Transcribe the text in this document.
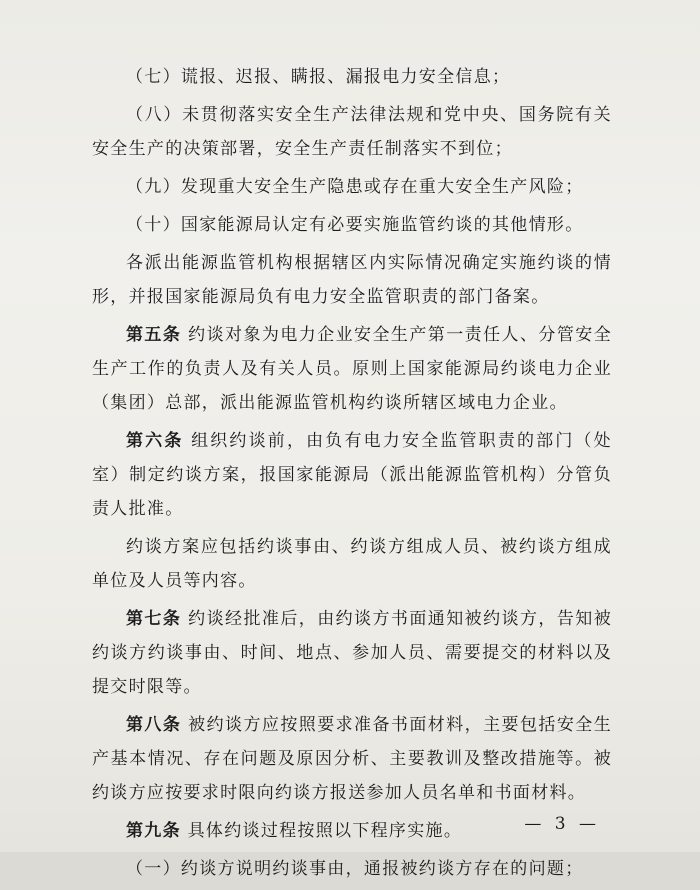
（七）谎报、迟报、瞒报、漏报电力安全信息；

（八）未贯彻落实安全生产法律法规和党中央、国务院有关安全生产的决策部署，安全生产责任制落实不到位；

（九）发现重大安全生产隐患或存在重大安全生产风险；

（十）国家能源局认定有必要实施监管约谈的其他情形。

各派出能源监管机构根据辖区内实际情况确定实施约谈的情形，并报国家能源局负有电力安全监管职责的部门备案。

第五条 约谈对象为电力企业安全生产第一责任人、分管安全生产工作的负责人及有关人员。原则上国家能源局约谈电力企业（集团）总部，派出能源监管机构约谈所辖区域电力企业。

第六条 组织约谈前，由负有电力安全监管职责的部门（处室）制定约谈方案，报国家能源局（派出能源监管机构）分管负责人批准。

约谈方案应包括约谈事由、约谈方组成人员、被约谈方组成单位及人员等内容。

第七条 约谈经批准后，由约谈方书面通知被约谈方，告知被约谈方约谈事由、时间、地点、参加人员、需要提交的材料以及提交时限等。

第八条 被约谈方应按照要求准备书面材料，主要包括安全生产基本情况、存在问题及原因分析、主要教训及整改措施等。被约谈方应按要求时限向约谈方报送参加人员名单和书面材料。

第九条 具体约谈过程按照以下程序实施。

（一）约谈方说明约谈事由，通报被约谈方存在的问题；

— 3 —
